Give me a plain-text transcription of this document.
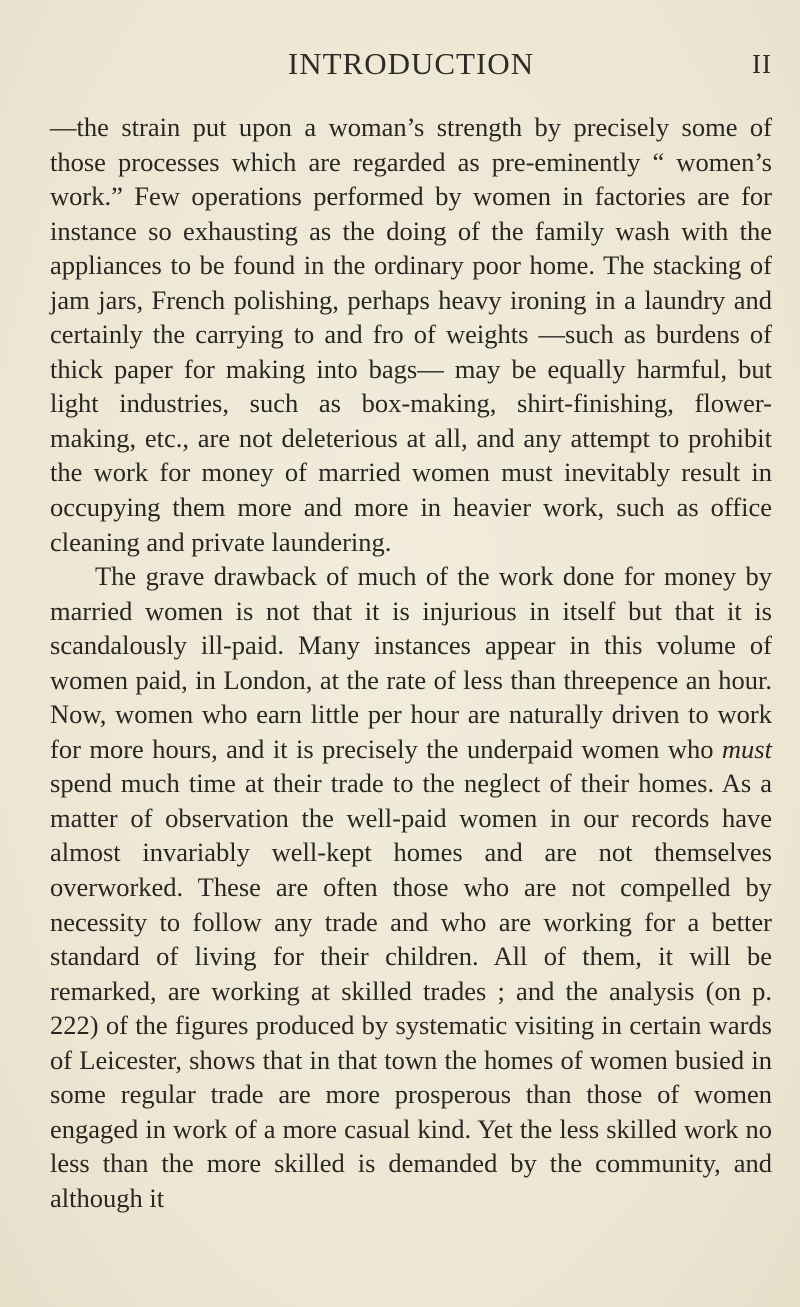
INTRODUCTION	II

—the strain put upon a woman’s strength by precisely some of those processes which are regarded as pre-eminently “ women’s work.” Few operations performed by women in factories are for instance so exhausting as the doing of the family wash with the appliances to be found in the ordinary poor home. The stacking of jam jars, French polishing, perhaps heavy ironing in a laundry and certainly the carrying to and fro of weights —such as burdens of thick paper for making into bags— may be equally harmful, but light industries, such as box-making, shirt-finishing, flower-making, etc., are not deleterious at all, and any attempt to prohibit the work for money of married women must inevitably result in occupying them more and more in heavier work, such as office cleaning and private laundering.

The grave drawback of much of the work done for money by married women is not that it is injurious in itself but that it is scandalously ill-paid. Many instances appear in this volume of women paid, in London, at the rate of less than threepence an hour. Now, women who earn little per hour are naturally driven to work for more hours, and it is precisely the underpaid women who must spend much time at their trade to the neglect of their homes. As a matter of observation the well-paid women in our records have almost invariably well-kept homes and are not themselves overworked. These are often those who are not compelled by necessity to follow any trade and who are working for a better standard of living for their children. All of them, it will be remarked, are working at skilled trades ; and the analysis (on p. 222) of the figures produced by systematic visiting in certain wards of Leicester, shows that in that town the homes of women busied in some regular trade are more prosperous than those of women engaged in work of a more casual kind. Yet the less skilled work no less than the more skilled is demanded by the community, and although it
